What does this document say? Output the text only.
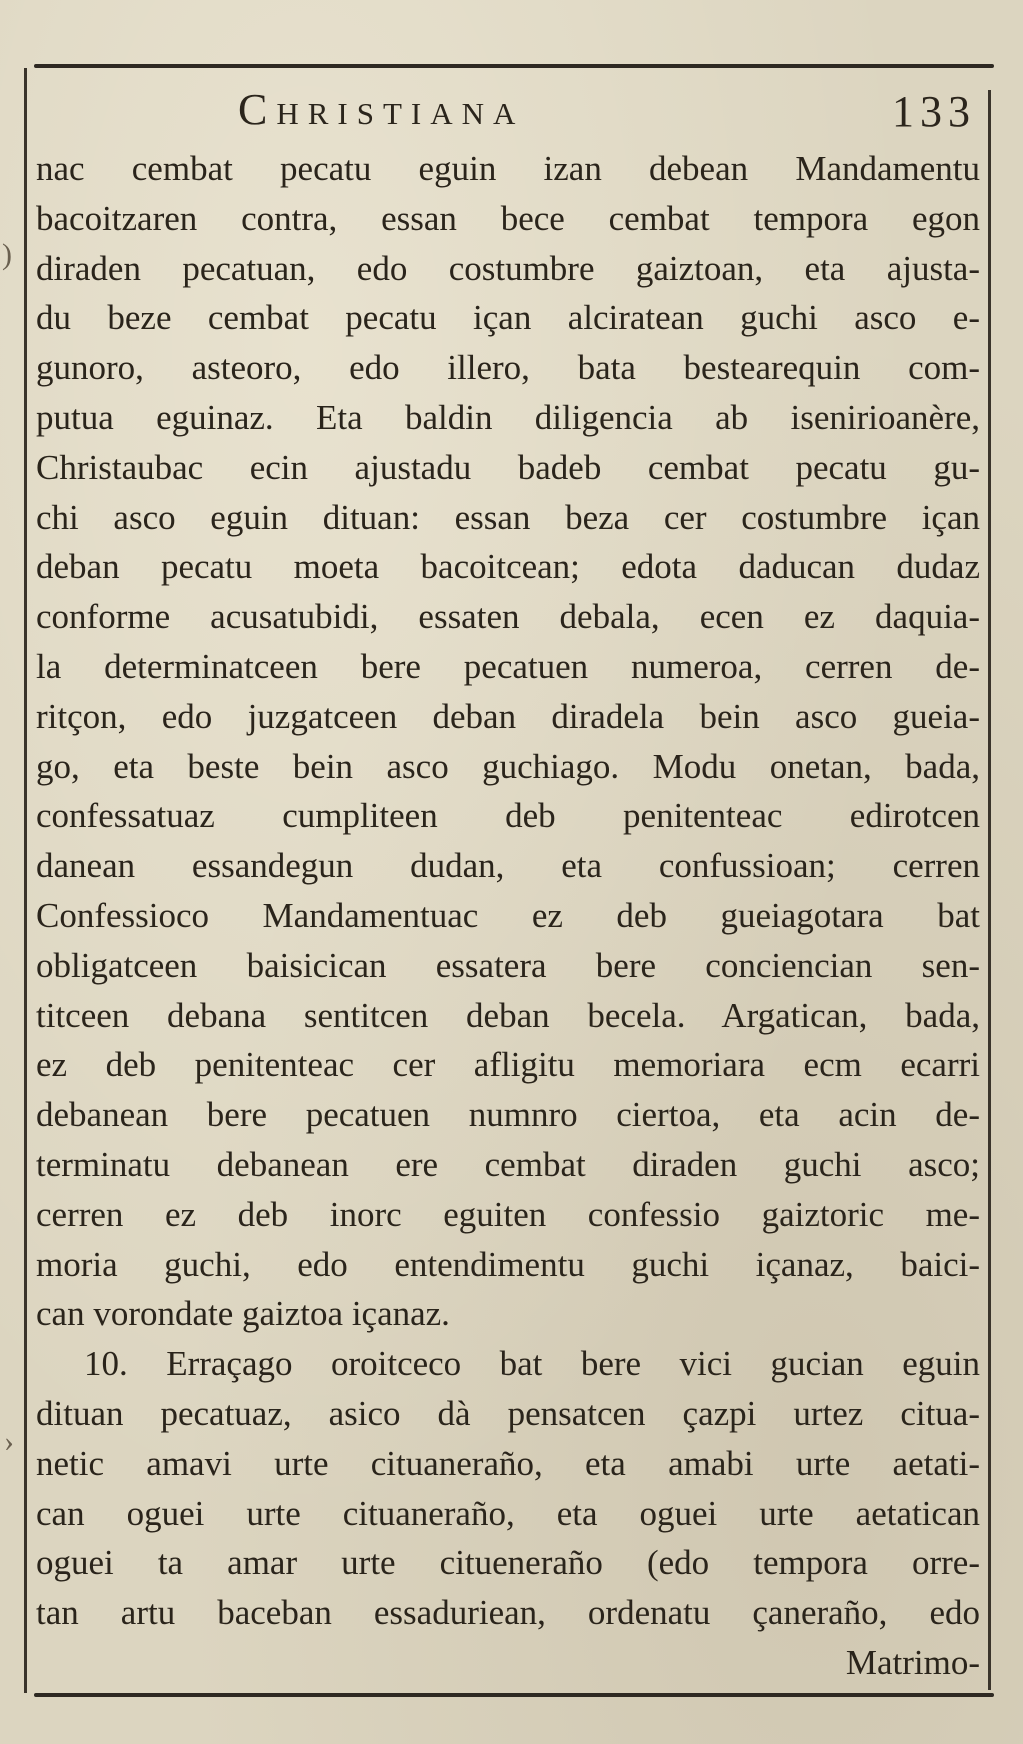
)
›
Christiana	133
nac cembat pecatu eguin izan debean Mandamentu
bacoitzaren contra, essan bece cembat tempora egon
diraden pecatuan, edo costumbre gaiztoan, eta ajusta-
du beze cembat pecatu içan alciratean guchi asco e-
gunoro, asteoro, edo illero, bata bestearequin com-
putua eguinaz. Eta baldin diligencia ab isenirioanère,
Christaubac ecin ajustadu badeb cembat pecatu gu-
chi asco eguin dituan: essan beza cer costumbre içan
deban pecatu moeta bacoitcean; edota daducan dudaz
conforme acusatubidi, essaten debala, ecen ez daquia-
la determinatceen bere pecatuen numeroa, cerren de-
ritçon, edo juzgatceen deban diradela bein asco gueia-
go, eta beste bein asco guchiago. Modu onetan, bada,
confessatuaz cumpliteen deb penitenteac edirotcen
danean essandegun dudan, eta confussioan; cerren
Confessioco Mandamentuac ez deb gueiagotara bat
obligatceen baisicican essatera bere conciencian sen-
titceen debana sentitcen deban becela. Argatican, bada,
ez deb penitenteac cer afligitu memoriara ecm ecarri
debanean bere pecatuen numnro ciertoa, eta acin de-
terminatu debanean ere cembat diraden guchi asco;
cerren ez deb inorc eguiten confessio gaiztoric me-
moria guchi, edo entendimentu guchi içanaz, baici-
can vorondate gaiztoa içanaz.
10. Erraçago oroitceco bat bere vici gucian eguin
dituan pecatuaz, asico dà pensatcen çazpi urtez citua-
netic amavi urte cituaneraño, eta amabi urte aetati-
can oguei urte cituaneraño, eta oguei urte aetatican
oguei ta amar urte citueneraño (edo tempora orre-
tan artu baceban essaduriean, ordenatu çaneraño, edo
Matrimo-
